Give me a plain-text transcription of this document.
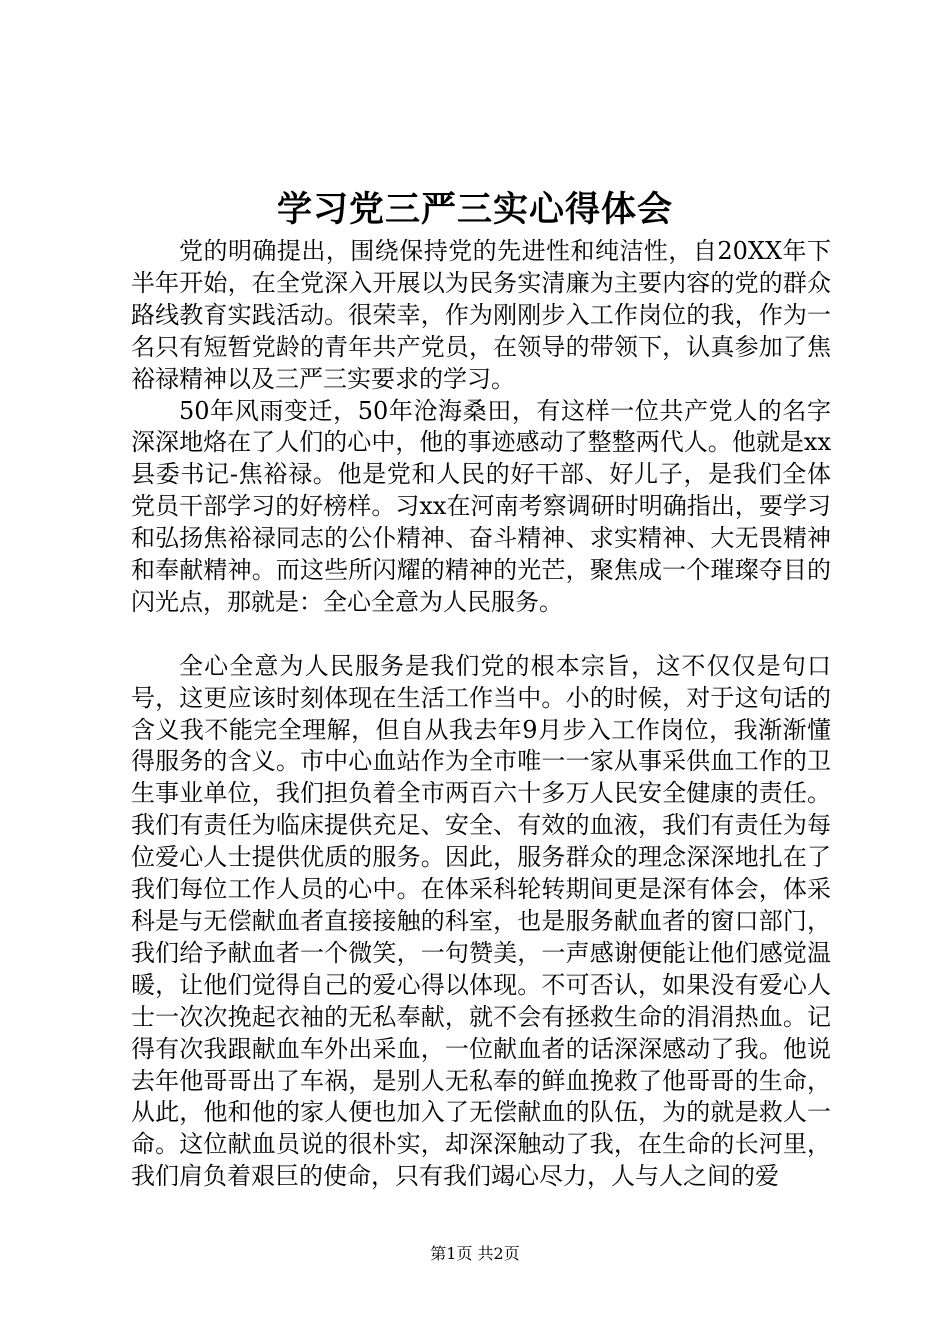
学习党三严三实心得体会

党的明确提出，围绕保持党的先进性和纯洁性，自20XX年下半年开始，在全党深入开展以为民务实清廉为主要内容的党的群众路线教育实践活动。很荣幸，作为刚刚步入工作岗位的我，作为一名只有短暂党龄的青年共产党员，在领导的带领下，认真参加了焦裕禄精神以及三严三实要求的学习。

50年风雨变迁，50年沧海桑田，有这样一位共产党人的名字深深地烙在了人们的心中，他的事迹感动了整整两代人。他就是xx县委书记-焦裕禄。他是党和人民的好干部、好儿子，是我们全体党员干部学习的好榜样。习xx在河南考察调研时明确指出，要学习和弘扬焦裕禄同志的公仆精神、奋斗精神、求实精神、大无畏精神和奉献精神。而这些所闪耀的精神的光芒，聚焦成一个璀璨夺目的闪光点，那就是：全心全意为人民服务。

全心全意为人民服务是我们党的根本宗旨，这不仅仅是句口号，这更应该时刻体现在生活工作当中。小的时候，对于这句话的含义我不能完全理解，但自从我去年9月步入工作岗位，我渐渐懂得服务的含义。市中心血站作为全市唯一一家从事采供血工作的卫生事业单位，我们担负着全市两百六十多万人民安全健康的责任。我们有责任为临床提供充足、安全、有效的血液，我们有责任为每位爱心人士提供优质的服务。因此，服务群众的理念深深地扎在了我们每位工作人员的心中。在体采科轮转期间更是深有体会，体采科是与无偿献血者直接接触的科室，也是服务献血者的窗口部门，我们给予献血者一个微笑，一句赞美，一声感谢便能让他们感觉温暖，让他们觉得自己的爱心得以体现。不可否认，如果没有爱心人士一次次挽起衣袖的无私奉献，就不会有拯救生命的涓涓热血。记得有次我跟献血车外出采血，一位献血者的话深深感动了我。他说去年他哥哥出了车祸，是别人无私奉的鲜血挽救了他哥哥的生命，从此，他和他的家人便也加入了无偿献血的队伍，为的就是救人一命。这位献血员说的很朴实，却深深触动了我，在生命的长河里，我们肩负着艰巨的使命，只有我们竭心尽力，人与人之间的爱

第1页 共2页
